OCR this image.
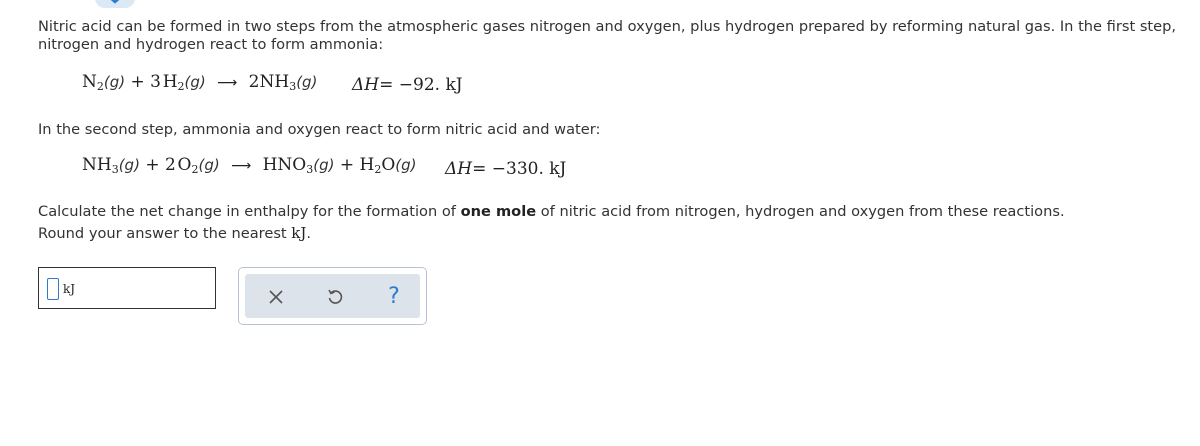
Nitric acid can be formed in two steps from the atmospheric gases nitrogen and oxygen, plus hydrogen prepared by reforming natural gas. In the first step, nitrogen and hydrogen react to form ammonia:

$N_2(g) + 3$  $H_2(g)$ ⟶ $2NH_3(g)$ ΔH= −92. kJ

In the second step, ammonia and oxygen react to form nitric acid and water:

$NH_3(g) + 2$  $O_2(g)$ ⟶ $HNO_3(g) + H_2O(g)$ ΔH= −330. kJ

Calculate the net change in enthalpy for the formation of one mole of nitric acid from nitrogen, hydrogen and oxygen from these reactions.

Round your answer to the nearest kJ.

kJ	?
